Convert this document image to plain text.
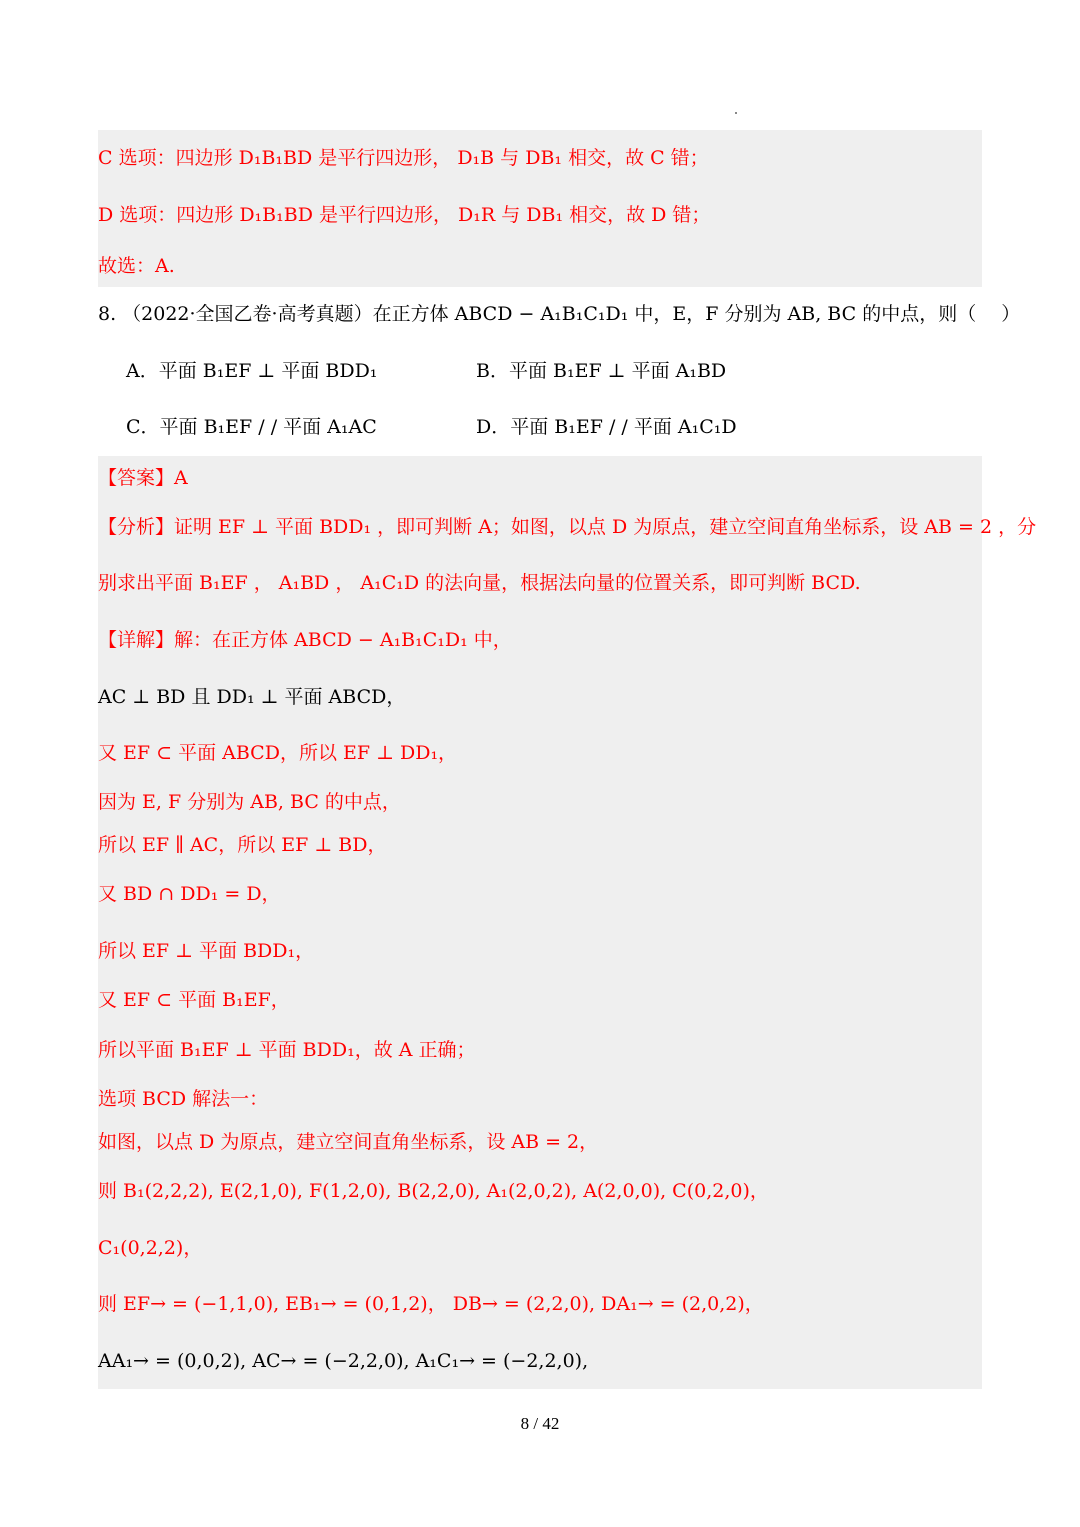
C 选项：四边形 D₁B₁BD 是平行四边形， D₁B 与 DB₁ 相交，故 C 错；
D 选项：四边形 D₁B₁BD 是平行四边形， D₁R 与 DB₁ 相交，故 D 错；
故选：A.
8. （2022·全国乙卷·高考真题）在正方体 ABCD − A₁B₁C₁D₁ 中，E，F 分别为 AB, BC 的中点，则（　 ）
A．平面 B₁EF ⊥ 平面 BDD₁	B．平面 B₁EF ⊥ 平面 A₁BD
C．平面 B₁EF / / 平面 A₁AC	D．平面 B₁EF / / 平面 A₁C₁D
【答案】A
【分析】证明 EF ⊥ 平面 BDD₁ ，即可判断 A；如图，以点 D 为原点，建立空间直角坐标系，设 AB = 2 ，分
别求出平面 B₁EF ， A₁BD ， A₁C₁D 的法向量，根据法向量的位置关系，即可判断 BCD.
【详解】解：在正方体 ABCD − A₁B₁C₁D₁ 中，
AC ⊥ BD 且 DD₁ ⊥ 平面 ABCD，
又 EF ⊂ 平面 ABCD，所以 EF ⊥ DD₁，
因为 E, F 分别为 AB, BC 的中点，
所以 EF ∥ AC，所以 EF ⊥ BD，
又 BD ∩ DD₁ = D，
所以 EF ⊥ 平面 BDD₁，
又 EF ⊂ 平面 B₁EF，
所以平面 B₁EF ⊥ 平面 BDD₁，故 A 正确；
选项 BCD 解法一：
如图，以点 D 为原点，建立空间直角坐标系，设 AB = 2，
则 B₁(2,2,2), E(2,1,0), F(1,2,0), B(2,2,0), A₁(2,0,2), A(2,0,0), C(0,2,0)，
C₁(0,2,2)，
则 EF→ = (−1,1,0), EB₁→ = (0,1,2)， DB→ = (2,2,0), DA₁→ = (2,0,2)，
AA₁→ = (0,0,2), AC→ = (−2,2,0), A₁C₁→ = (−2,2,0),
8 / 42
